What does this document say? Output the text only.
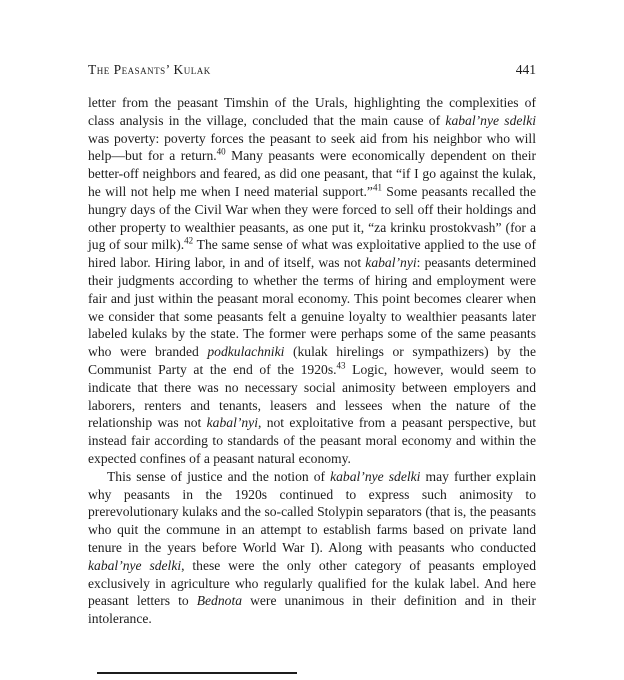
The Peasants’ Kulak	441

letter from the peasant Timshin of the Urals, highlighting the complexities of class analysis in the village, concluded that the main cause of kabal’nye sdelki was poverty: poverty forces the peasant to seek aid from his neighbor who will help—but for a return.$^{40}$ Many peasants were economically dependent on their better-off neighbors and feared, as did one peasant, that “if I go against the kulak, he will not help me when I need material support.”$^{41}$ Some peasants recalled the hungry days of the Civil War when they were forced to sell off their holdings and other property to wealthier peasants, as one put it, “za krinku prostokvash” (for a jug of sour milk).$^{42}$ The same sense of what was exploitative applied to the use of hired labor. Hiring labor, in and of itself, was not kabal’nyi: peasants determined their judgments according to whether the terms of hiring and employment were fair and just within the peasant moral economy. This point becomes clearer when we consider that some peasants felt a genuine loyalty to wealthier peasants later labeled kulaks by the state. The former were perhaps some of the same peasants who were branded podkulachniki (kulak hirelings or sympathizers) by the Communist Party at the end of the 1920s.$^{43}$ Logic, however, would seem to indicate that there was no necessary social animosity between employers and laborers, renters and tenants, leasers and lessees when the nature of the relationship was not kabal’nyi, not exploitative from a peasant perspective, but instead fair according to standards of the peasant moral economy and within the expected confines of a peasant natural economy.

This sense of justice and the notion of kabal’nye sdelki may further explain why peasants in the 1920s continued to express such animosity to prerevolutionary kulaks and the so-called Stolypin separators (that is, the peasants who quit the commune in an attempt to establish farms based on private land tenure in the years before World War I). Along with peasants who conducted kabal’nye sdelki, these were the only other category of peasants employed exclusively in agriculture who regularly qualified for the kulak label. And here peasant letters to Bednota were unanimous in their definition and in their intolerance.
